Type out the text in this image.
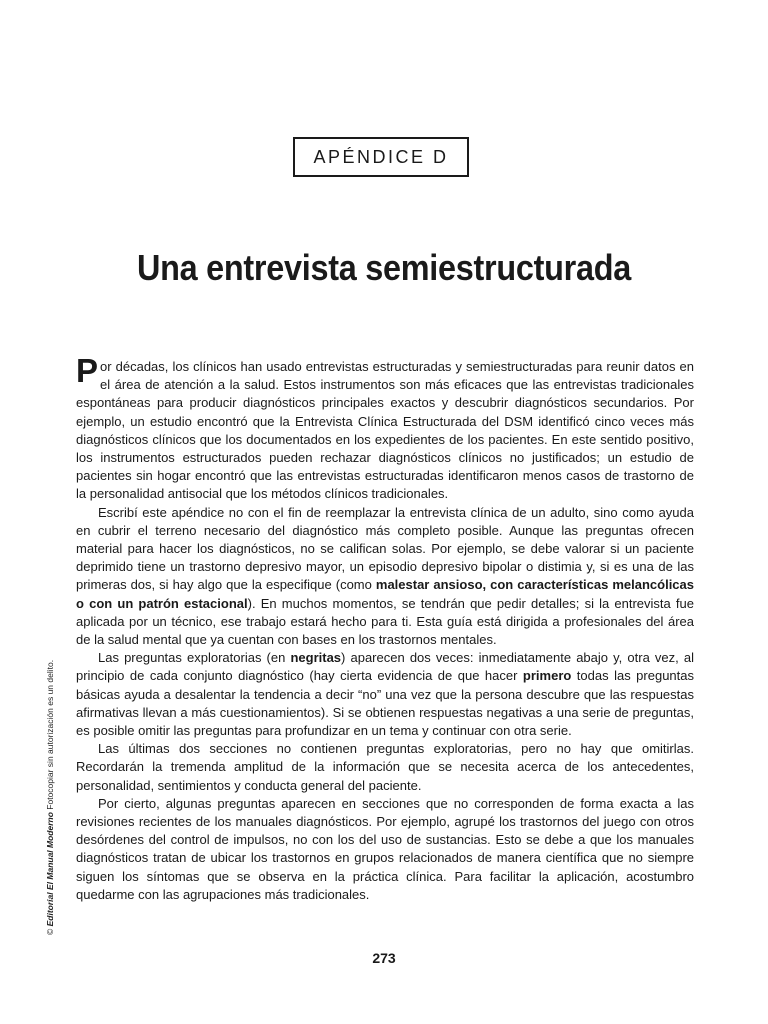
APÉNDICE D
Una entrevista semiestructurada

Por décadas, los clínicos han usado entrevistas estructuradas y semiestructuradas para reunir datos en el área de atención a la salud. Estos instrumentos son más eficaces que las entrevistas tradicionales espontáneas para producir diagnósticos principales exactos y descubrir diagnósticos secundarios. Por ejemplo, un estudio encontró que la Entrevista Clínica Estructurada del DSM identificó cinco veces más diagnósticos clínicos que los documentados en los expedientes de los pacientes. En este sentido positivo, los instrumentos estructurados pueden rechazar diagnósticos clínicos no justificados; un estudio de pacientes sin hogar encontró que las entrevistas estructuradas identificaron menos casos de trastorno de la personalidad antisocial que los métodos clínicos tradicionales.

Escribí este apéndice no con el fin de reemplazar la entrevista clínica de un adulto, sino como ayuda en cubrir el terreno necesario del diagnóstico más completo posible. Aunque las preguntas ofrecen material para hacer los diagnósticos, no se califican solas. Por ejemplo, se debe valorar si un paciente deprimido tiene un trastorno depresivo mayor, un episodio depresivo bipolar o distimia y, si es una de las primeras dos, si hay algo que la especifique (como malestar ansioso, con características melancólicas o con un patrón estacional). En muchos momentos, se tendrán que pedir detalles; si la entrevista fue aplicada por un técnico, ese trabajo estará hecho para ti. Esta guía está dirigida a profesionales del área de la salud mental que ya cuentan con bases en los trastornos mentales.

Las preguntas exploratorias (en negritas) aparecen dos veces: inmediatamente abajo y, otra vez, al principio de cada conjunto diagnóstico (hay cierta evidencia de que hacer primero todas las preguntas básicas ayuda a desalentar la tendencia a decir “no” una vez que la persona descubre que las respuestas afirmativas llevan a más cuestionamientos). Si se obtienen respuestas negativas a una serie de preguntas, es posible omitir las preguntas para profundizar en un tema y continuar con otra serie.

Las últimas dos secciones no contienen preguntas exploratorias, pero no hay que omitirlas. Recordarán la tremenda amplitud de la información que se necesita acerca de los antecedentes, personalidad, sentimientos y conducta general del paciente.

Por cierto, algunas preguntas aparecen en secciones que no corresponden de forma exacta a las revisiones recientes de los manuales diagnósticos. Por ejemplo, agrupé los trastornos del juego con otros desórdenes del control de impulsos, no con los del uso de sustancias. Esto se debe a que los manuales diagnósticos tratan de ubicar los trastornos en grupos relacionados de manera científica que no siempre siguen los síntomas que se observa en la práctica clínica. Para facilitar la aplicación, acostumbro quedarme con las agrupaciones más tradicionales.

273
© Editorial El Manual Moderno Fotocopiar sin autorización es un delito.
